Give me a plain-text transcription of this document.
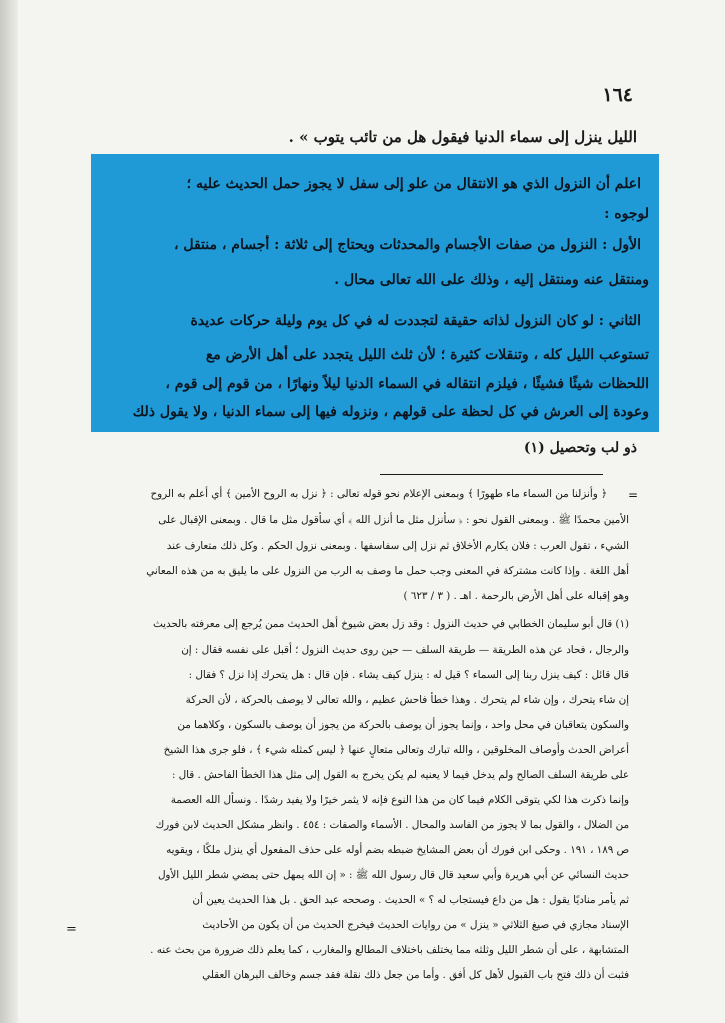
١٦٤
الليل ينزل إلى سماء الدنيا فيقول هل من تائب يتوب » .
اعلم أن النزول الذي هو الانتقال من علو إلى سفل لا يجوز حمل الحديث عليه ؛
لوجوه :
الأول : النزول من صفات الأجسام والمحدثات ويحتاج إلى ثلاثة : أجسام ، منتقل ،
ومنتقل عنه ومنتقل إليه ، وذلك على الله تعالى محال .
الثاني : لو كان النزول لذاته حقيقة لتجددت له في كل يوم وليلة حركات عديدة
تستوعب الليل كله ، وتنقلات كثيرة ؛ لأن ثلث الليل يتجدد على أهل الأرض مع
اللحظات شيئًا فشيئًا ، فيلزم انتقاله في السماء الدنيا ليلاً ونهارًا ، من قوم إلى قوم ،
وعودة إلى العرش في كل لحظة على قولهم ، ونزوله فيها إلى سماء الدنيا ، ولا يقول ذلك
ذو لب وتحصيل (١)
=
﴿ وأنزلنا من السماء ماء طهورًا ﴾ وبمعنى الإعلام نحو قوله تعالى : ﴿ نزل به الروح الأمين ﴾ أي أعلم به الروح
الأمين محمدًا ﷺ . وبمعنى القول نحو : ﴿ سأنزل مثل ما أنزل الله ﴾ أي سأقول مثل ما قال . وبمعنى الإقبال على
الشيء ، تقول العرب : فلان يكارم الأخلاق ثم نزل إلى سفاسفها . وبمعنى نزول الحكم . وكل ذلك متعارف عند
أهل اللغة . وإذا كانت مشتركة في المعنى وجب حمل ما وصف به الرب من النزول على ما يليق به من هذه المعاني
وهو إقباله على أهل الأرض بالرحمة . اهـ . ( ٣ / ٦٢٣ )
(١) قال أبو سليمان الخطابي في حديث النزول : وقد زل بعض شيوخ أهل الحديث ممن يُرجع إلى معرفته بالحديث
والرجال ، فحاد عن هذه الطريقة — طريقة السلف — حين روى حديث النزول ؛ أقبل على نفسه فقال : إن
قال قائل : كيف ينزل ربنا إلى السماء ؟ قيل له : ينزل كيف يشاء . فإن قال : هل يتحرك إذا نزل ؟ فقال :
إن شاء يتحرك ، وإن شاء لم يتحرك . وهذا خطأ فاحش عظيم ، والله تعالى لا يوصف بالحركة ، لأن الحركة
والسكون يتعاقبان في محل واحد ، وإنما يجوز أن يوصف بالحركة من يجوز أن يوصف بالسكون ، وكلاهما من
أعراض الحدث وأوصاف المخلوقين ، والله تبارك وتعالى متعالٍ عنها ﴿ ليس كمثله شيء ﴾ ، فلو جرى هذا الشيخ
على طريقة السلف الصالح ولم يدخل فيما لا يعنيه لم يكن يخرج به القول إلى مثل هذا الخطأ الفاحش . قال :
وإنما ذكرت هذا لكي يتوقى الكلام فيما كان من هذا النوع فإنه لا يثمر خيرًا ولا يفيد رشدًا . ونسأل الله العصمة
من الضلال ، والقول بما لا يجوز من الفاسد والمحال . الأسماء والصفات : ٤٥٤ . وانظر مشكل الحديث لابن فورك
ص ١٨٩ ، ١٩١ . وحكى ابن فورك أن بعض المشايخ ضبطه بضم أوله على حذف المفعول أي ينزل ملكًا ، ويقويه
حديث النسائي عن أبي هريرة وأبي سعيد قال قال رسول الله ﷺ : « إن الله يمهل حتى يمضي شطر الليل الأول
ثم يأمر مناديًا يقول : هل من داع فيستجاب له ؟ » الحديث . وصححه عبد الحق . بل هذا الحديث يعين أن
الإسناد مجازي في صيغ الثلاثي « ينزل » من روايات الحديث فيخرج الحديث من أن يكون من الأحاديث
المتشابهة ، على أن شطر الليل وثلثه مما يختلف باختلاف المطالع والمغارب ، كما يعلم ذلك ضرورة من بحث عنه .
فثبت أن ذلك فتح باب القبول لأهل كل أفق . وأما من جعل ذلك نقلة فقد جسم وخالف البرهان العقلي
=
